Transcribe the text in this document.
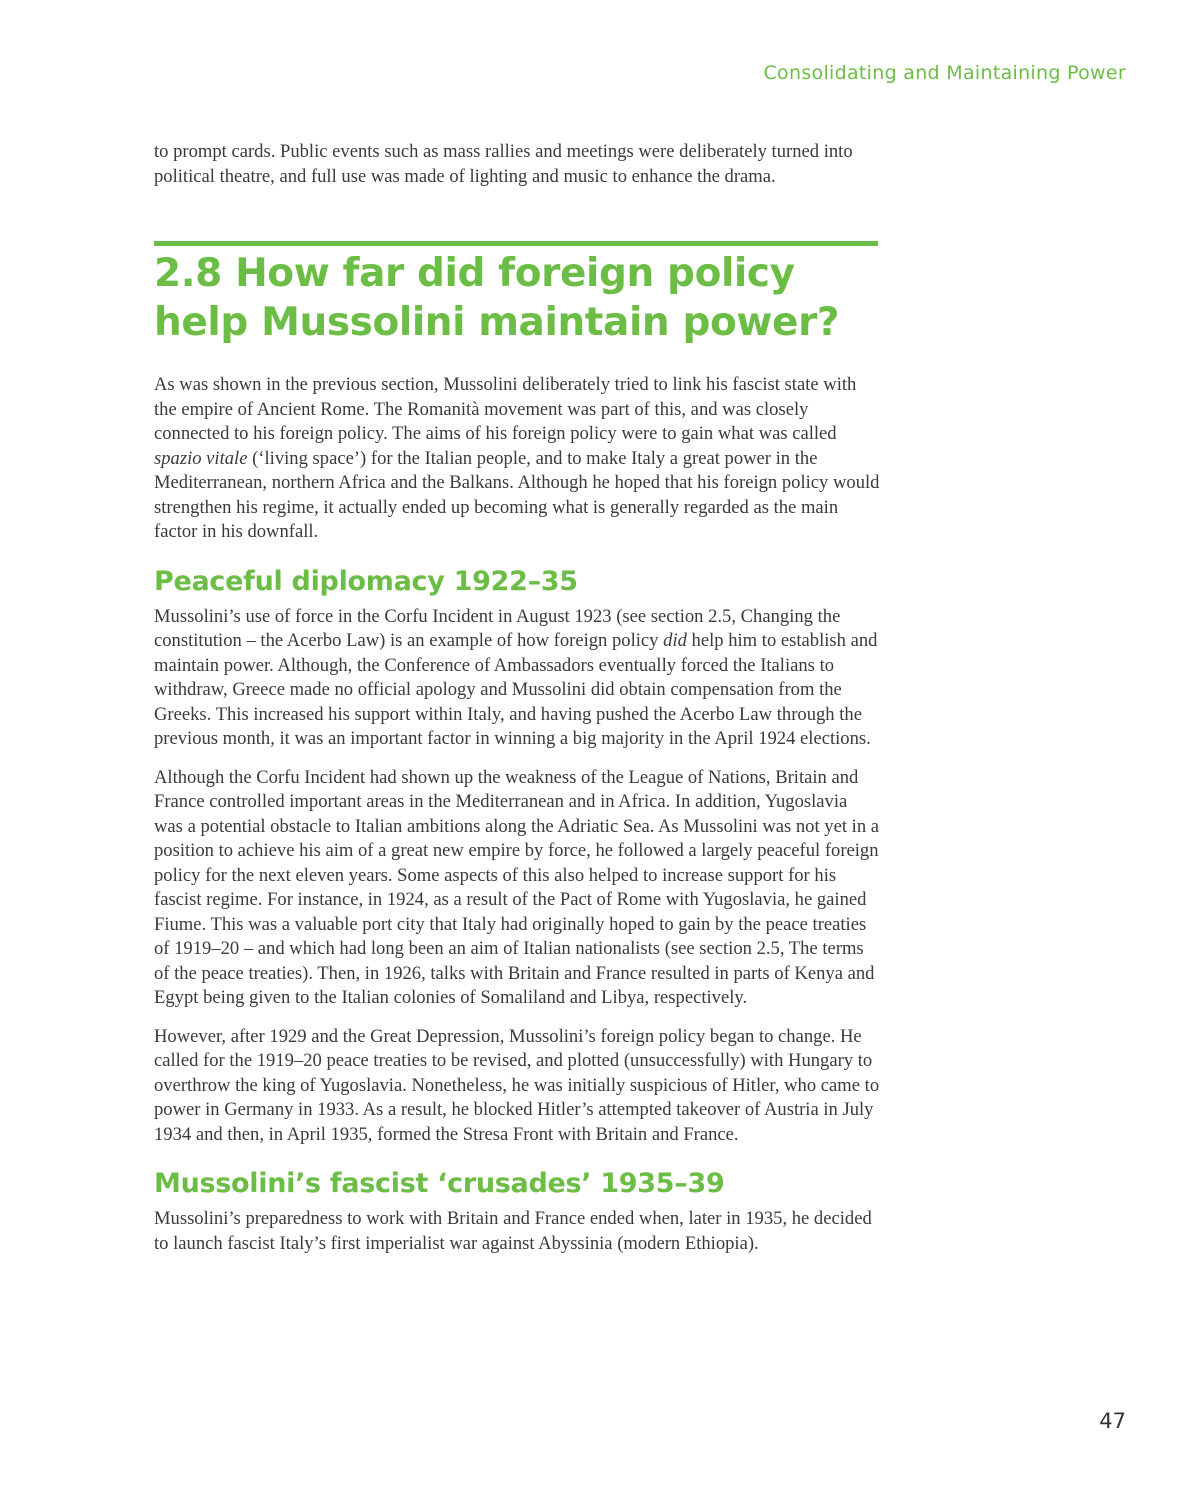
Consolidating and Maintaining Power

to prompt cards. Public events such as mass rallies and meetings were deliberately turned into political theatre, and full use was made of lighting and music to enhance the drama.

2.8 How far did foreign policy help Mussolini maintain power?

As was shown in the previous section, Mussolini deliberately tried to link his fascist state with the empire of Ancient Rome. The Romanità movement was part of this, and was closely connected to his foreign policy. The aims of his foreign policy were to gain what was called spazio vitale (‘living space’) for the Italian people, and to make Italy a great power in the Mediterranean, northern Africa and the Balkans. Although he hoped that his foreign policy would strengthen his regime, it actually ended up becoming what is generally regarded as the main factor in his downfall.

Peaceful diplomacy 1922–35

Mussolini’s use of force in the Corfu Incident in August 1923 (see section 2.5, Changing the constitution – the Acerbo Law) is an example of how foreign policy did help him to establish and maintain power. Although, the Conference of Ambassadors eventually forced the Italians to withdraw, Greece made no official apology and Mussolini did obtain compensation from the Greeks. This increased his support within Italy, and having pushed the Acerbo Law through the previous month, it was an important factor in winning a big majority in the April 1924 elections.

Although the Corfu Incident had shown up the weakness of the League of Nations, Britain and France controlled important areas in the Mediterranean and in Africa. In addition, Yugoslavia was a potential obstacle to Italian ambitions along the Adriatic Sea. As Mussolini was not yet in a position to achieve his aim of a great new empire by force, he followed a largely peaceful foreign policy for the next eleven years. Some aspects of this also helped to increase support for his fascist regime. For instance, in 1924, as a result of the Pact of Rome with Yugoslavia, he gained Fiume. This was a valuable port city that Italy had originally hoped to gain by the peace treaties of 1919–20 – and which had long been an aim of Italian nationalists (see section 2.5, The terms of the peace treaties). Then, in 1926, talks with Britain and France resulted in parts of Kenya and Egypt being given to the Italian colonies of Somaliland and Libya, respectively.

However, after 1929 and the Great Depression, Mussolini’s foreign policy began to change. He called for the 1919–20 peace treaties to be revised, and plotted (unsuccessfully) with Hungary to overthrow the king of Yugoslavia. Nonetheless, he was initially suspicious of Hitler, who came to power in Germany in 1933. As a result, he blocked Hitler’s attempted takeover of Austria in July 1934 and then, in April 1935, formed the Stresa Front with Britain and France.

Mussolini’s fascist ‘crusades’ 1935–39

Mussolini’s preparedness to work with Britain and France ended when, later in 1935, he decided to launch fascist Italy’s first imperialist war against Abyssinia (modern Ethiopia).

47
